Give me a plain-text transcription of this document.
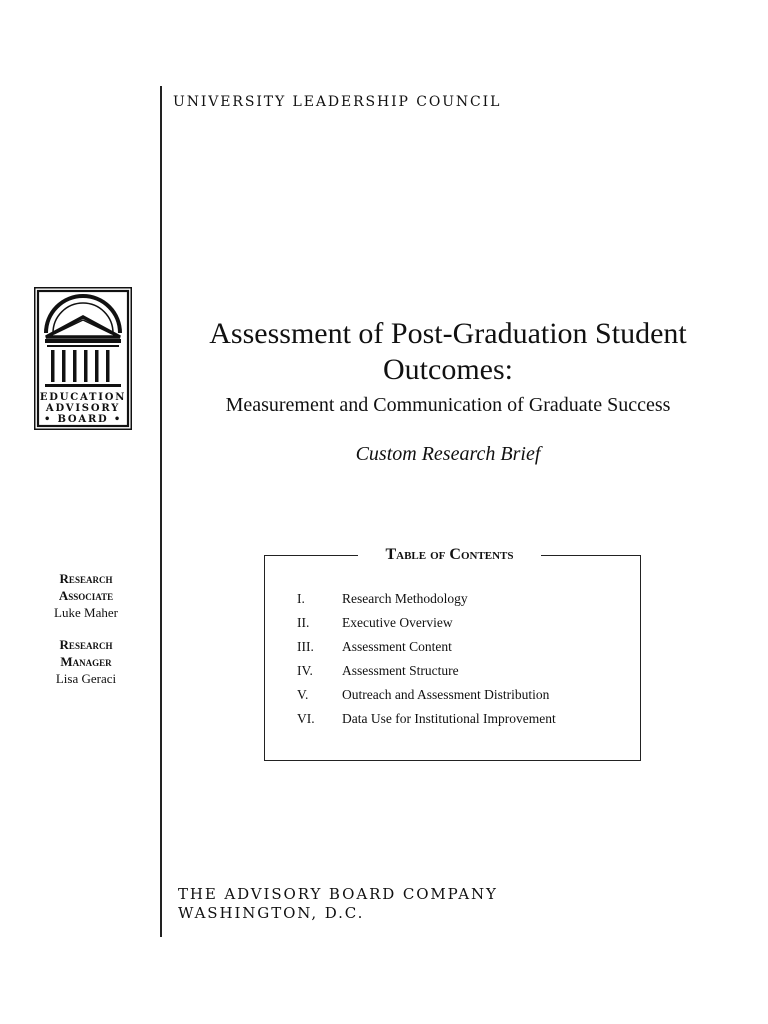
UNIVERSITY LEADERSHIP COUNCIL
EDUCATION
ADVISORY
• BOARD •
Assessment of Post-Graduation Student
Outcomes:
Measurement and Communication of Graduate Success
Custom Research Brief
Research
Associate
Luke Maher
Research
Manager
Lisa Geraci
Table of Contents
I.	Research Methodology
II.	Executive Overview
III.	Assessment Content
IV.	Assessment Structure
V.	Outreach and Assessment Distribution
VI.	Data Use for Institutional Improvement
THE ADVISORY BOARD COMPANY
WASHINGTON, D.C.
